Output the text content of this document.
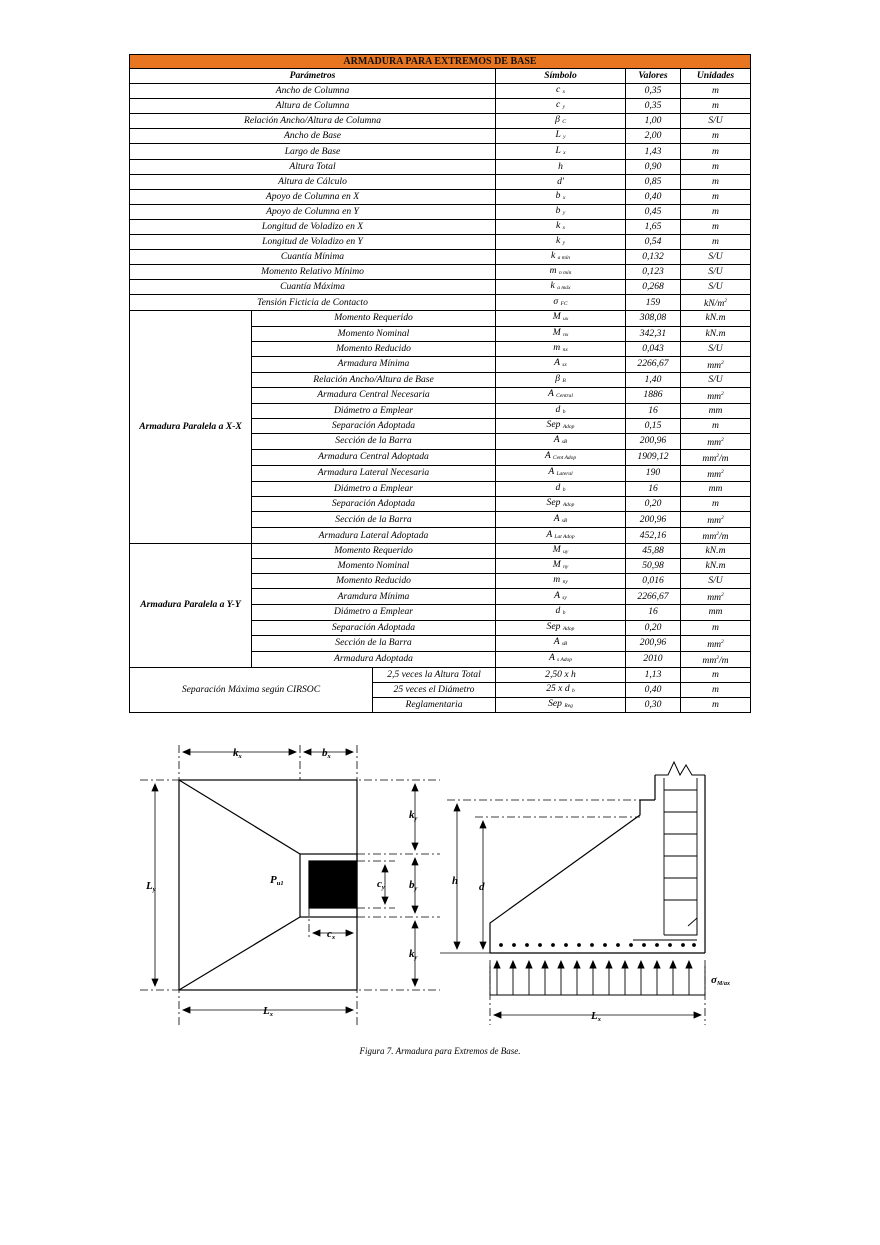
ARMADURA PARA EXTREMOS DE BASE					
Parámetros			Símbolo	Valores	Unidades
Ancho de Columna			c $_x$	0,35	m
Altura de Columna			c $_y$	0,35	m
Relación Ancho/Altura de Columna			β $_C$	1,00	S/U
Ancho de Base			L $_y$	2,00	m
Largo de Base			L $_x$	1,43	m
Altura Total			h	0,90	m
Altura de Cálculo			d'	0,85	m
Apoyo de Columna en X			b $_x$	0,40	m
Apoyo de Columna en Y			b $_y$	0,45	m
Longitud de Voladizo en X			k $_x$	1,65	m
Longitud de Voladizo en Y			k $_y$	0,54	m
Cuantía Mínima			k $_{a mín}$	0,132	S/U
Momento Relativo Mínimo			m $_{n mín}$	0,123	S/U
Cuantía Máxima			k $_{a máx}$	0,268	S/U
Tensión Ficticia de Contacto			σ $_{FC}$	159	$kN/m^2$
Armadura Paralela a X-X	Momento Requerido		M $_{ux}$	308,08	kN.m
	Momento Nominal		M $_{nx}$	342,31	kN.m
	Momento Reducido		m $_{nx}$	0,043	S/U
	Armadura Mínima		A $_{sx}$	2266,67	$mm^2$
	Relación Ancho/Altura de Base		β $_B$	1,40	S/U
	Armadura Central Necesaria		A $_{Central}$	1886	$mm^2$
	Diámetro a Emplear		d $_b$	16	mm
	Separación Adoptada		Sep $_{Adop}$	0,15	m
	Sección de la Barra		A $_{sB}$	200,96	$mm^2$
	Armadura Central Adoptada		A $_{Cent Adop}$	1909,12	$mm^2/m$
	Armadura Lateral Necesaria		A $_{Lateral}$	190	$mm^2$
	Diámetro a Emplear		d $_b$	16	mm
	Separación Adoptada		Sep $_{Adop}$	0,20	m
	Sección de la Barra		A $_{sB}$	200,96	$mm^2$
	Armadura Lateral Adoptada		A $_{Lat Adop}$	452,16	$mm^2/m$
Armadura Paralela a Y-Y	Momento Requerido		M $_{uy}$	45,88	kN.m
	Momento Nominal		M $_{ny}$	50,98	kN.m
	Momento Reducido		m $_{ny}$	0,016	S/U
	Aramdura Mínima		A $_{sy}$	2266,67	$mm^2$
	Diámetro a Emplear		d $_b$	16	mm
	Separación Adoptada		Sep $_{Adop}$	0,20	m
	Sección de la Barra		A $_{sB}$	200,96	$mm^2$
	Armadura Adoptada		A $_{s Adop}$	2010	$mm^2/m$
Separación Máxima según CIRSOC		2,5 veces la Altura Total	2,50 x h	1,13	m
		25 veces el Diámetro	25 x d $_b$	0,40	m
		Reglamentaria	Sep $_{Reg}$	0,30	m
kx	bx
ky
by
ky
cy
cx
Ly
Lx
Pu1	h d
Lx
σM/ax
Figura 7. Armadura para Extremos de Base.
